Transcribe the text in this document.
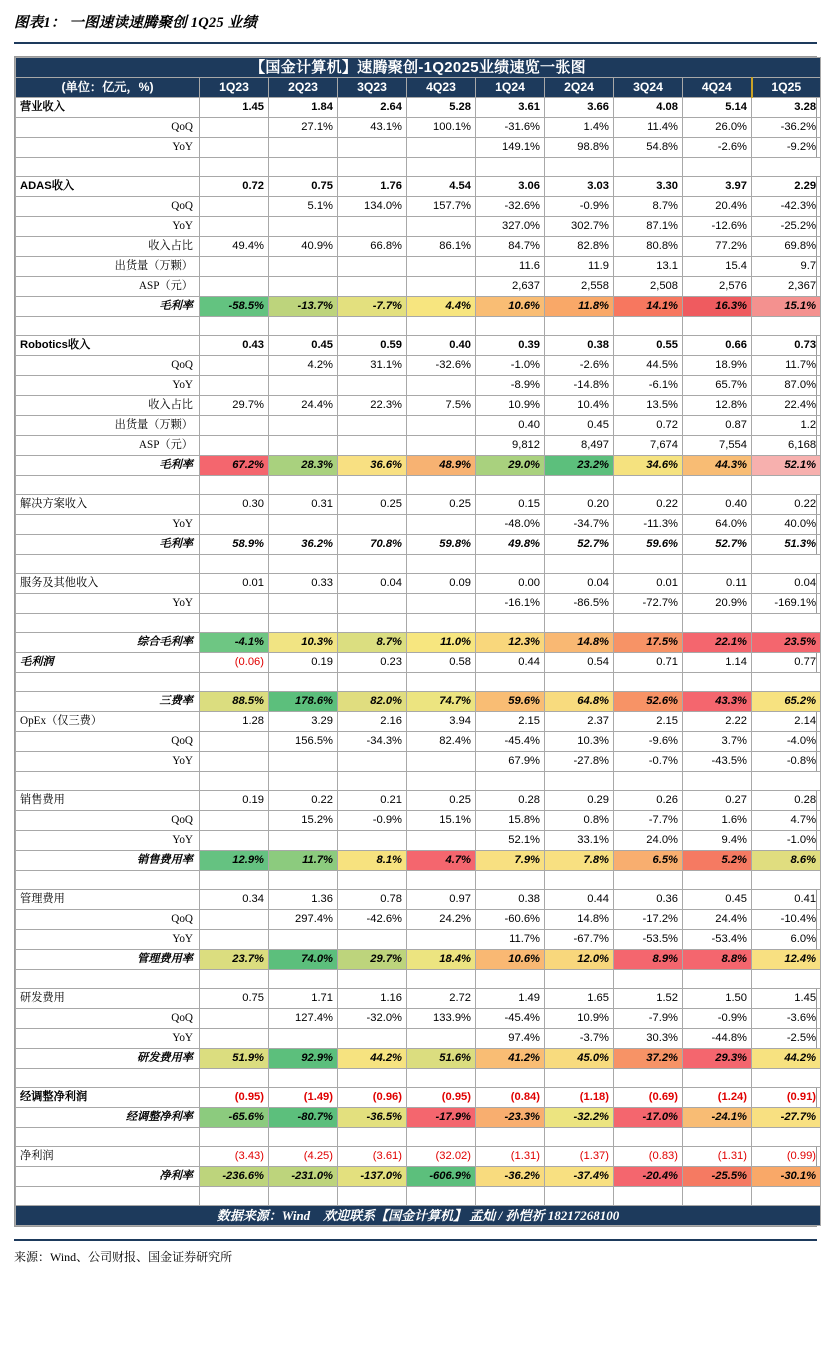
图表1： 一图速读速腾聚创 1Q25 业绩
【国金计算机】速腾聚创-1Q2025业绩速览一张图									
(单位：亿元，%)	1Q23	2Q23	3Q23	4Q23	1Q24	2Q24	3Q24	4Q24	1Q25
营业收入	1.45	1.84	2.64	5.28	3.61	3.66	4.08	5.14	3.28
QoQ		27.1%	43.1%	100.1%	-31.6%	1.4%	11.4%	26.0%	-36.2%
YoY					149.1%	98.8%	54.8%	-2.6%	-9.2%

ADAS收入	0.72	0.75	1.76	4.54	3.06	3.03	3.30	3.97	2.29
QoQ		5.1%	134.0%	157.7%	-32.6%	-0.9%	8.7%	20.4%	-42.3%
YoY					327.0%	302.7%	87.1%	-12.6%	-25.2%
收入占比	49.4%	40.9%	66.8%	86.1%	84.7%	82.8%	80.8%	77.2%	69.8%
出货量（万颗）					11.6	11.9	13.1	15.4	9.7
ASP（元）					2,637	2,558	2,508	2,576	2,367
毛利率	-58.5%	-13.7%	-7.7%	4.4%	10.6%	11.8%	14.1%	16.3%	15.1%

Robotics收入	0.43	0.45	0.59	0.40	0.39	0.38	0.55	0.66	0.73
QoQ		4.2%	31.1%	-32.6%	-1.0%	-2.6%	44.5%	18.9%	11.7%
YoY					-8.9%	-14.8%	-6.1%	65.7%	87.0%
收入占比	29.7%	24.4%	22.3%	7.5%	10.9%	10.4%	13.5%	12.8%	22.4%
出货量（万颗）					0.40	0.45	0.72	0.87	1.2
ASP（元）					9,812	8,497	7,674	7,554	6,168
毛利率	67.2%	28.3%	36.6%	48.9%	29.0%	23.2%	34.6%	44.3%	52.1%

解决方案收入	0.30	0.31	0.25	0.25	0.15	0.20	0.22	0.40	0.22
YoY					-48.0%	-34.7%	-11.3%	64.0%	40.0%
毛利率	58.9%	36.2%	70.8%	59.8%	49.8%	52.7%	59.6%	52.7%	51.3%

服务及其他收入	0.01	0.33	0.04	0.09	0.00	0.04	0.01	0.11	0.04
YoY					-16.1%	-86.5%	-72.7%	20.9%	-169.1%

综合毛利率	-4.1%	10.3%	8.7%	11.0%	12.3%	14.8%	17.5%	22.1%	23.5%
毛利润	(0.06)	0.19	0.23	0.58	0.44	0.54	0.71	1.14	0.77

三费率	88.5%	178.6%	82.0%	74.7%	59.6%	64.8%	52.6%	43.3%	65.2%
OpEx（仅三费）	1.28	3.29	2.16	3.94	2.15	2.37	2.15	2.22	2.14
QoQ		156.5%	-34.3%	82.4%	-45.4%	10.3%	-9.6%	3.7%	-4.0%
YoY					67.9%	-27.8%	-0.7%	-43.5%	-0.8%

销售费用	0.19	0.22	0.21	0.25	0.28	0.29	0.26	0.27	0.28
QoQ		15.2%	-0.9%	15.1%	15.8%	0.8%	-7.7%	1.6%	4.7%
YoY					52.1%	33.1%	24.0%	9.4%	-1.0%
销售费用率	12.9%	11.7%	8.1%	4.7%	7.9%	7.8%	6.5%	5.2%	8.6%

管理费用	0.34	1.36	0.78	0.97	0.38	0.44	0.36	0.45	0.41
QoQ		297.4%	-42.6%	24.2%	-60.6%	14.8%	-17.2%	24.4%	-10.4%
YoY					11.7%	-67.7%	-53.5%	-53.4%	6.0%
管理费用率	23.7%	74.0%	29.7%	18.4%	10.6%	12.0%	8.9%	8.8%	12.4%

研发费用	0.75	1.71	1.16	2.72	1.49	1.65	1.52	1.50	1.45
QoQ		127.4%	-32.0%	133.9%	-45.4%	10.9%	-7.9%	-0.9%	-3.6%
YoY					97.4%	-3.7%	30.3%	-44.8%	-2.5%
研发费用率	51.9%	92.9%	44.2%	51.6%	41.2%	45.0%	37.2%	29.3%	44.2%

经调整净利润	(0.95)	(1.49)	(0.96)	(0.95)	(0.84)	(1.18)	(0.69)	(1.24)	(0.91)
经调整净利率	-65.6%	-80.7%	-36.5%	-17.9%	-23.3%	-32.2%	-17.0%	-24.1%	-27.7%

净利润	(3.43)	(4.25)	(3.61)	(32.02)	(1.31)	(1.37)	(0.83)	(1.31)	(0.99)
净利率	-236.6%	-231.0%	-137.0%	-606.9%	-36.2%	-37.4%	-20.4%	-25.5%	-30.1%

数据来源：Wind　欢迎联系【国金计算机】 孟灿 / 孙恺祈 18217268100									
来源：Wind、公司财报、国金证券研究所
